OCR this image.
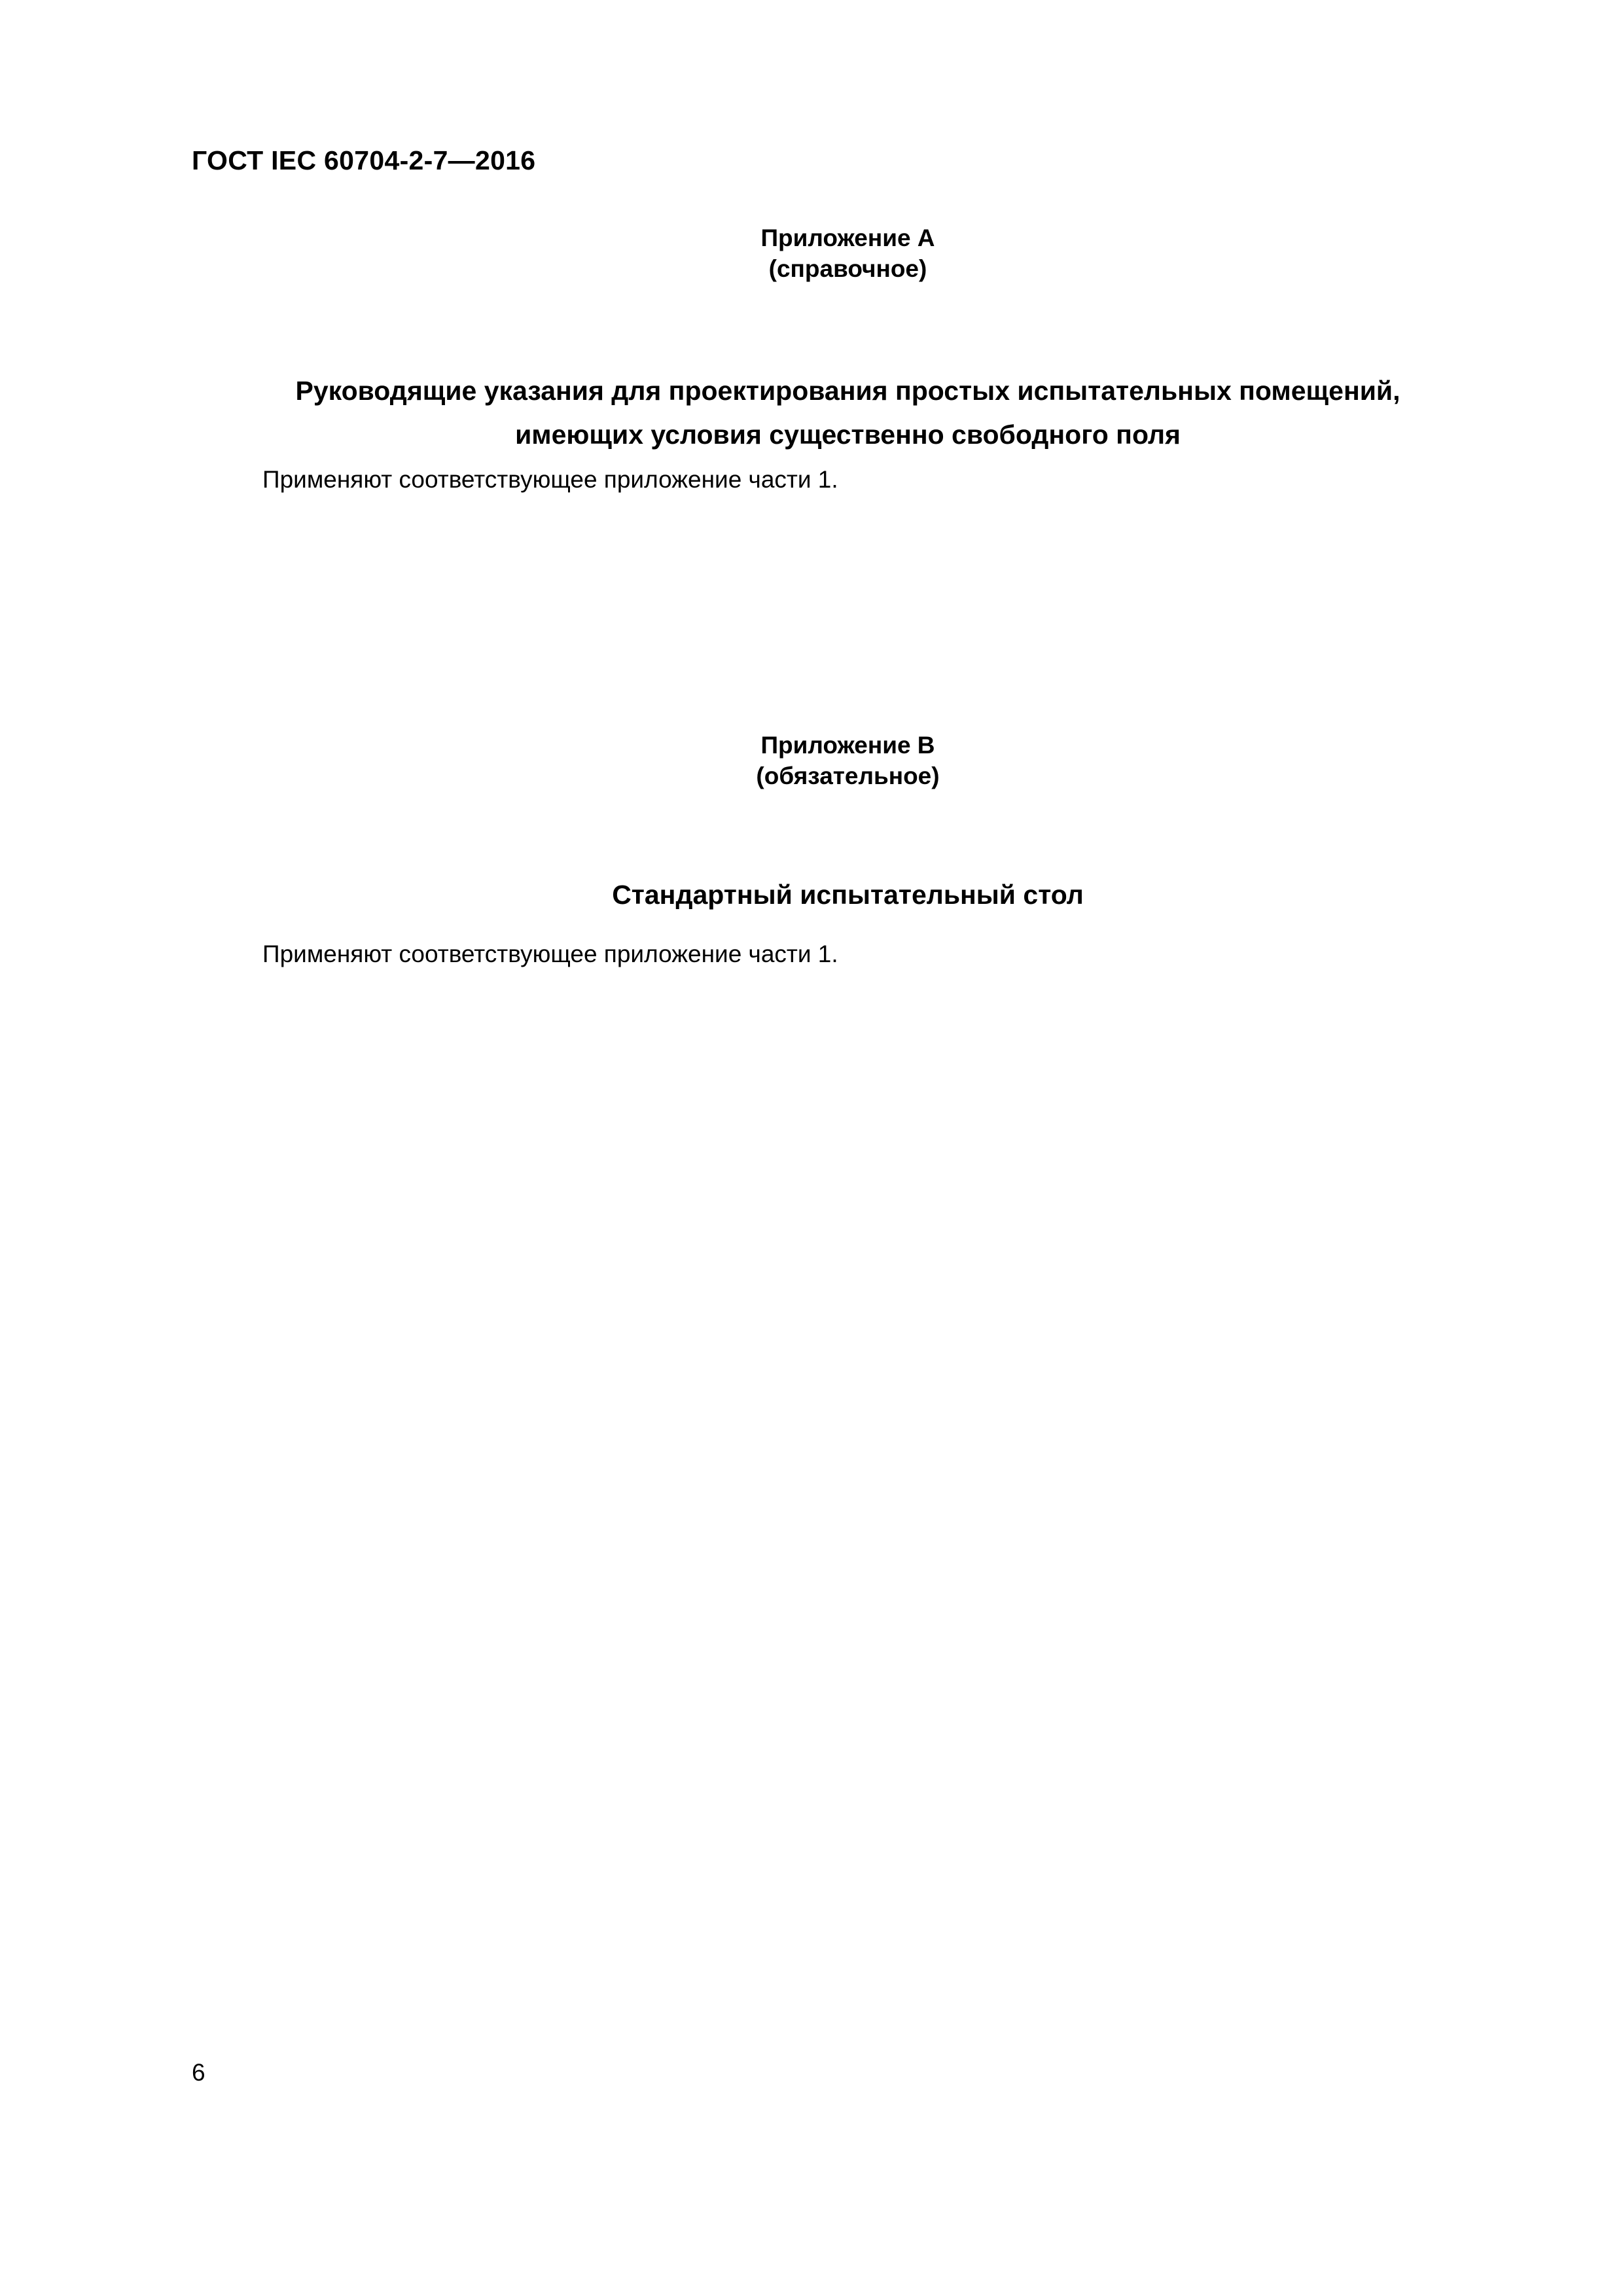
ГОСТ IEC 60704-2-7—2016
Приложение А
(справочное)
Руководящие указания для проектирования простых испытательных помещений,
имеющих условия существенно свободного поля
Применяют соответствующее приложение части 1.
Приложение В
(обязательное)
Стандартный испытательный стол
Применяют соответствующее приложение части 1.
6
